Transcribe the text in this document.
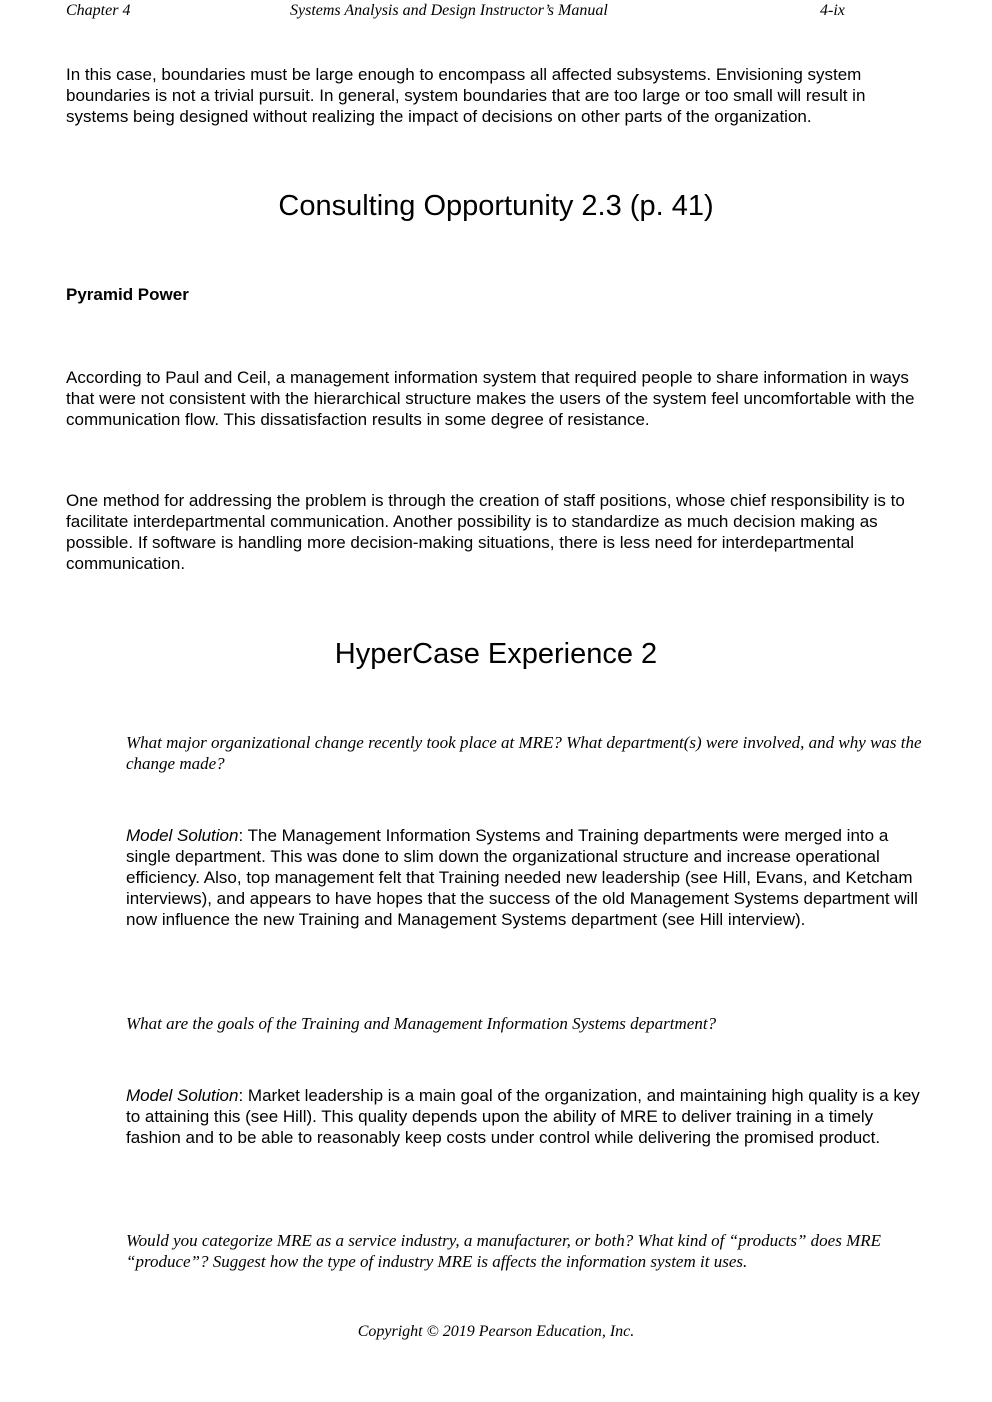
Chapter 4	Systems Analysis and Design Instructor’s Manual	4-ix

In this case, boundaries must be large enough to encompass all affected subsystems. Envisioning system boundaries is not a trivial pursuit. In general, system boundaries that are too large or too small will result in systems being designed without realizing the impact of decisions on other parts of the organization.

Consulting Opportunity 2.3 (p. 41)

Pyramid Power

According to Paul and Ceil, a management information system that required people to share information in ways that were not consistent with the hierarchical structure makes the users of the system feel uncomfortable with the communication flow. This dissatisfaction results in some degree of resistance.

One method for addressing the problem is through the creation of staff positions, whose chief responsibility is to facilitate interdepartmental communication. Another possibility is to standardize as much decision making as possible. If software is handling more decision-making situations, there is less need for interdepartmental communication.

HyperCase Experience 2

What major organizational change recently took place at MRE? What department(s) were involved, and why was the change made?

Model Solution: The Management Information Systems and Training departments were merged into a single department. This was done to slim down the organizational structure and increase operational efficiency. Also, top management felt that Training needed new leadership (see Hill, Evans, and Ketcham interviews), and appears to have hopes that the success of the old Management Systems department will now influence the new Training and Management Systems department (see Hill interview).

What are the goals of the Training and Management Information Systems department?

Model Solution: Market leadership is a main goal of the organization, and maintaining high quality is a key to attaining this (see Hill). This quality depends upon the ability of MRE to deliver training in a timely fashion and to be able to reasonably keep costs under control while delivering the promised product.

Would you categorize MRE as a service industry, a manufacturer, or both? What kind of “products” does MRE “produce”? Suggest how the type of industry MRE is affects the information system it uses.

Copyright © 2019 Pearson Education, Inc.
